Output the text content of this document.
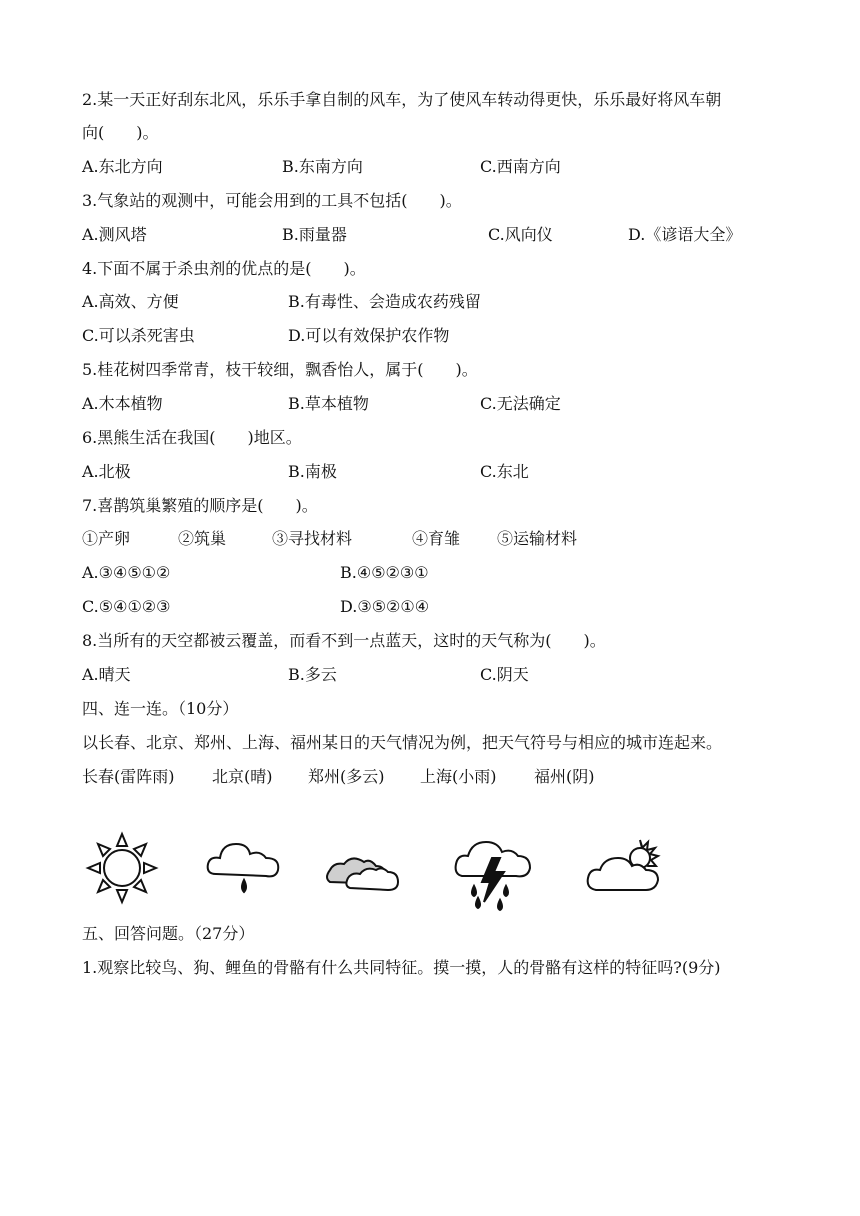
2.某一天正好刮东北风，乐乐手拿自制的风车，为了使风车转动得更快，乐乐最好将风车朝
向(　　)。
A.东北方向	B.东南方向	C.西南方向
3.气象站的观测中，可能会用到的工具不包括(　　)。
A.测风塔	B.雨量器	C.风向仪	D.《谚语大全》
4.下面不属于杀虫剂的优点的是(　　)。
A.高效、方便	B.有毒性、会造成农药残留
C.可以杀死害虫	D.可以有效保护农作物
5.桂花树四季常青，枝干较细，飘香怡人，属于(　　)。
A.木本植物	B.草本植物	C.无法确定
6.黑熊生活在我国(　　)地区。
A.北极	B.南极	C.东北
7.喜鹊筑巢繁殖的顺序是(　　)。
①产卵	②筑巢	③寻找材料	④育雏 ⑤运输材料
A.③④⑤①②	B.④⑤②③①
C.⑤④①②③	D.③⑤②①④
8.当所有的天空都被云覆盖，而看不到一点蓝天，这时的天气称为(　　)。
A.晴天	B.多云	C.阴天
四、连一连。（10分）
以长春、北京、郑州、上海、福州某日的天气情况为例，把天气符号与相应的城市连起来。
长春(雷阵雨) 北京(晴) 郑州(多云) 上海(小雨) 福州(阴)
五、回答问题。（27分）
1.观察比较鸟、狗、鲤鱼的骨骼有什么共同特征。摸一摸，人的骨骼有这样的特征吗?(9分)
